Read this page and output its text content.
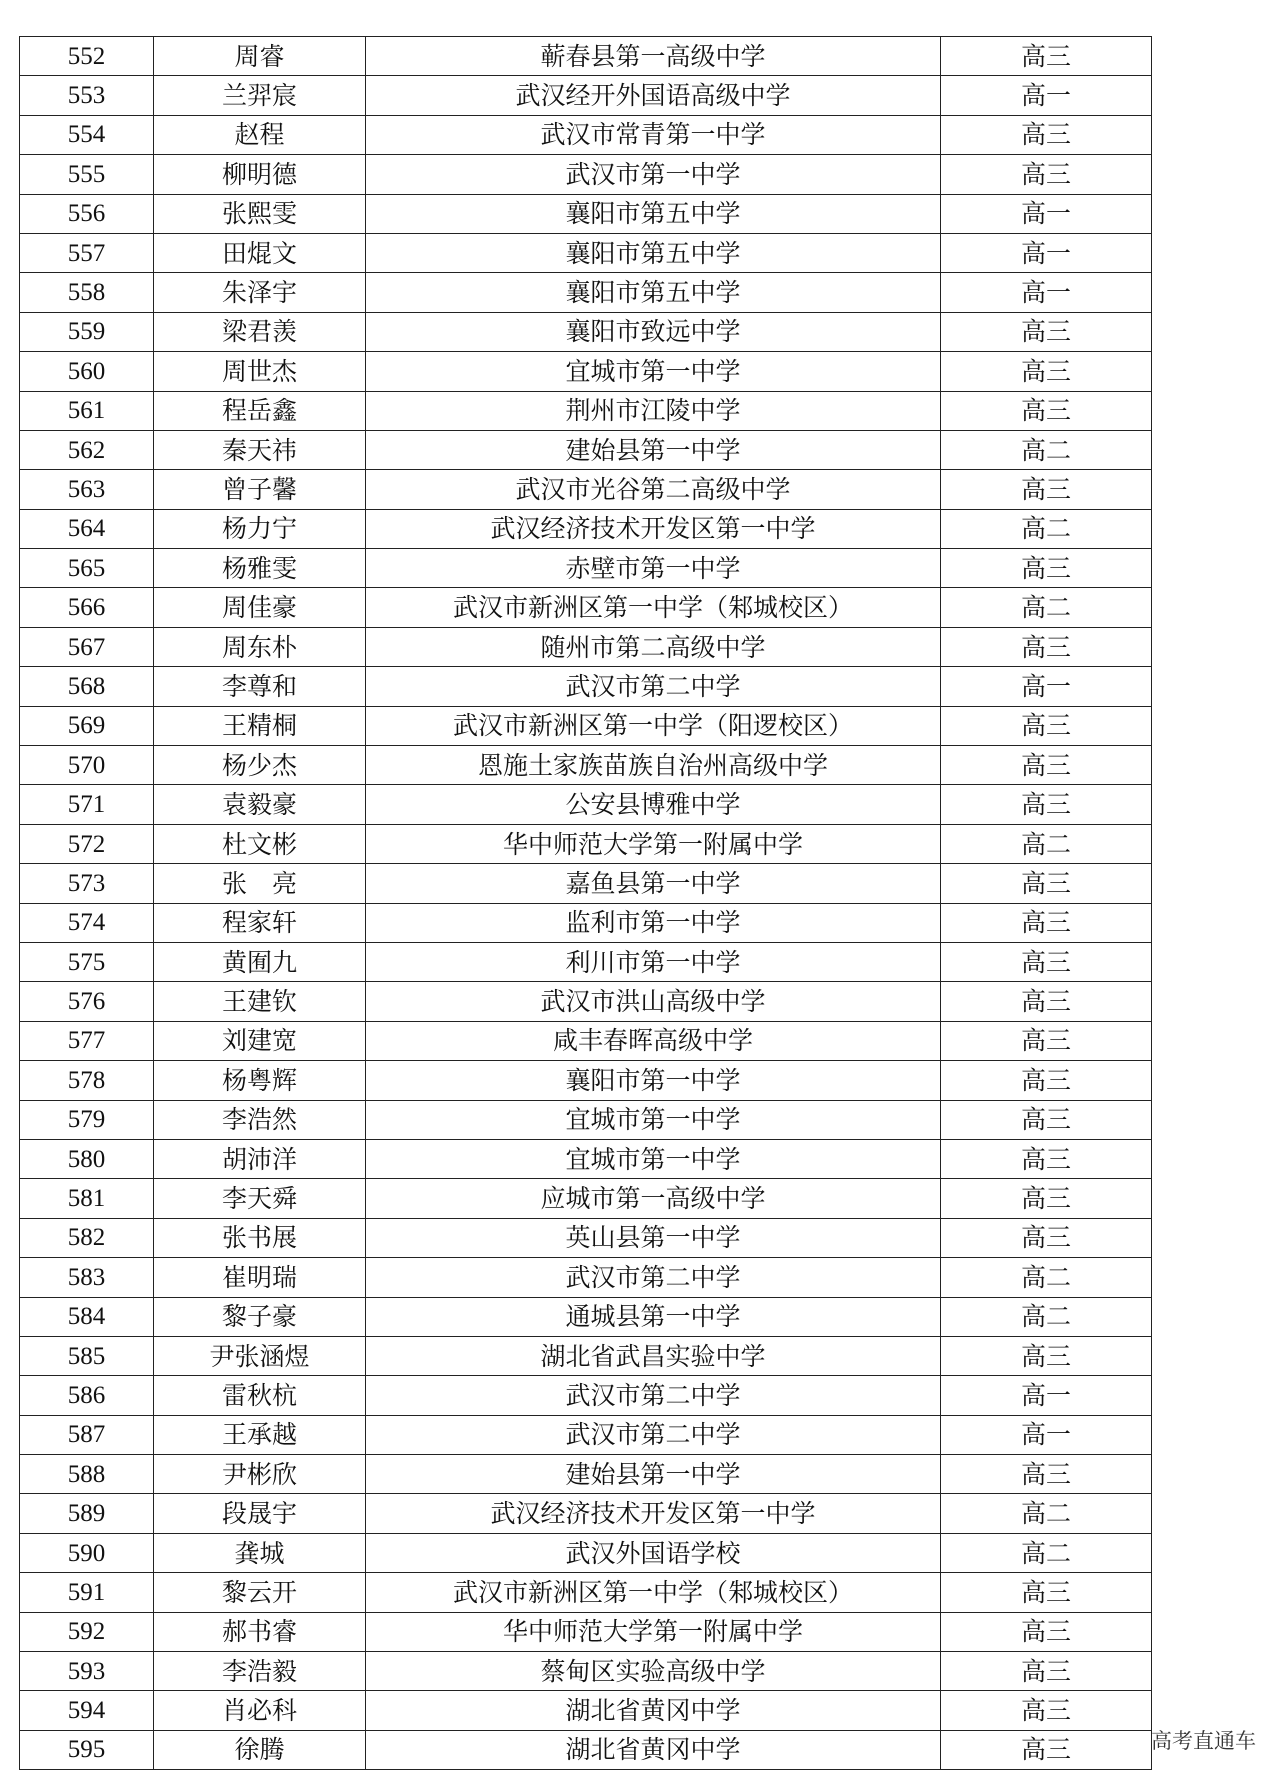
552	周睿	蕲春县第一高级中学	高三
553	兰羿宸	武汉经开外国语高级中学	高一
554	赵程	武汉市常青第一中学	高三
555	柳明德	武汉市第一中学	高三
556	张熙雯	襄阳市第五中学	高一
557	田焜文	襄阳市第五中学	高一
558	朱泽宇	襄阳市第五中学	高一
559	梁君羡	襄阳市致远中学	高三
560	周世杰	宜城市第一中学	高三
561	程岳鑫	荆州市江陵中学	高三
562	秦天祎	建始县第一中学	高二
563	曾子馨	武汉市光谷第二高级中学	高三
564	杨力宁	武汉经济技术开发区第一中学	高二
565	杨雅雯	赤壁市第一中学	高三
566	周佳豪	武汉市新洲区第一中学（邾城校区）	高二
567	周东朴	随州市第二高级中学	高三
568	李尊和	武汉市第二中学	高一
569	王精桐	武汉市新洲区第一中学（阳逻校区）	高三
570	杨少杰	恩施土家族苗族自治州高级中学	高三
571	袁毅豪	公安县博雅中学	高三
572	杜文彬	华中师范大学第一附属中学	高二
573	张　亮	嘉鱼县第一中学	高三
574	程家轩	监利市第一中学	高三
575	黄囿九	利川市第一中学	高三
576	王建钦	武汉市洪山高级中学	高三
577	刘建宽	咸丰春晖高级中学	高三
578	杨粤辉	襄阳市第一中学	高三
579	李浩然	宜城市第一中学	高三
580	胡沛洋	宜城市第一中学	高三
581	李天舜	应城市第一高级中学	高三
582	张书展	英山县第一中学	高三
583	崔明瑞	武汉市第二中学	高二
584	黎子豪	通城县第一中学	高二
585	尹张涵煜	湖北省武昌实验中学	高三
586	雷秋杭	武汉市第二中学	高一
587	王承越	武汉市第二中学	高一
588	尹彬欣	建始县第一中学	高三
589	段晟宇	武汉经济技术开发区第一中学	高二
590	龚城	武汉外国语学校	高二
591	黎云开	武汉市新洲区第一中学（邾城校区）	高三
592	郝书睿	华中师范大学第一附属中学	高三
593	李浩毅	蔡甸区实验高级中学	高三
594	肖必科	湖北省黄冈中学	高三
595	徐腾	湖北省黄冈中学	高三	高考直通车
